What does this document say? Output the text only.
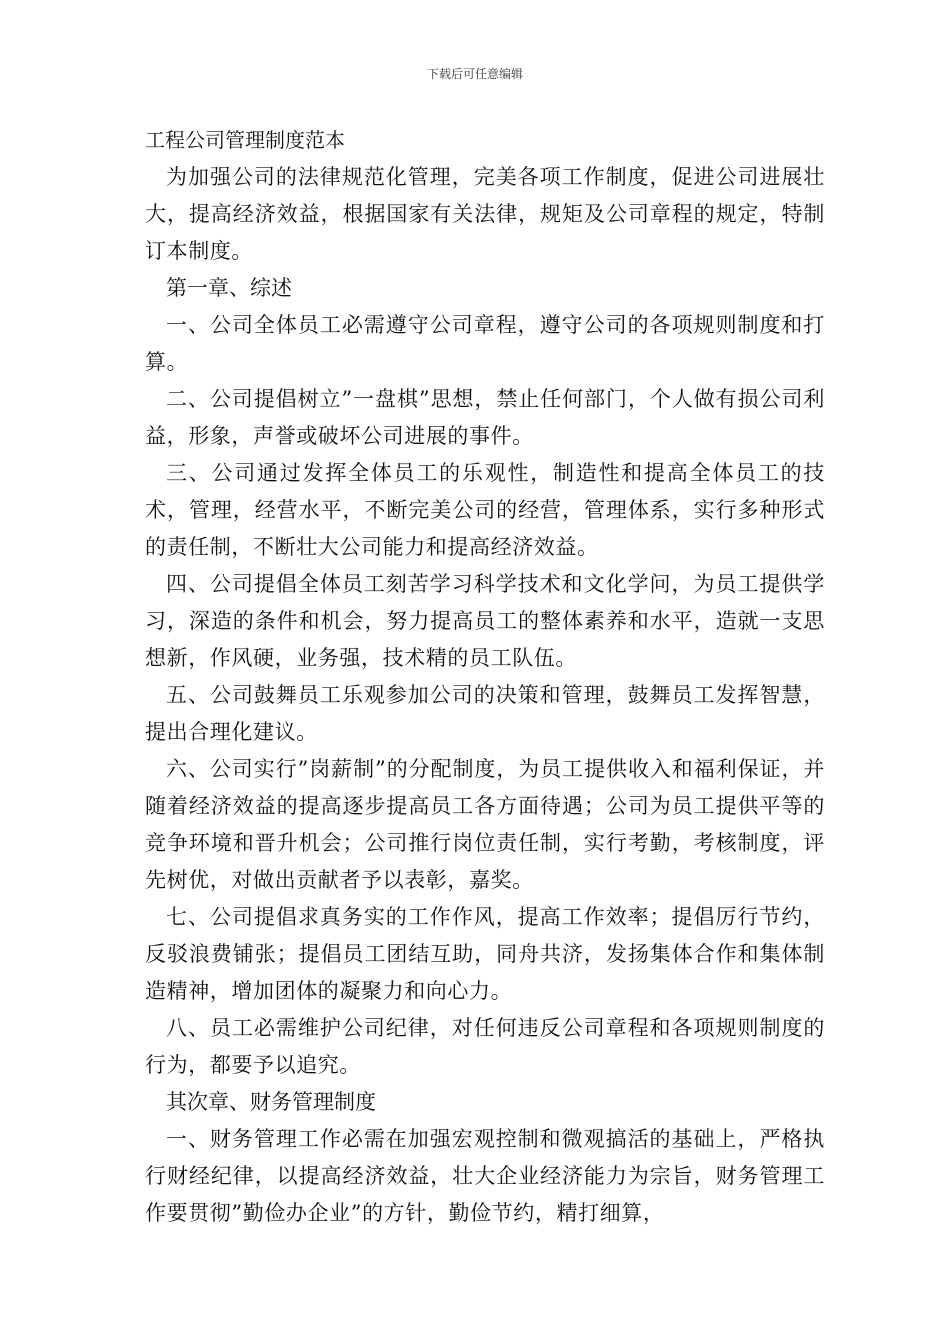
下载后可任意编辑
工程公司管理制度范本

为加强公司的法律规范化管理，完美各项工作制度，促进公司进展壮大，提高经济效益，根据国家有关法律，规矩及公司章程的规定，特制订本制度。

第一章、综述

一、公司全体员工必需遵守公司章程，遵守公司的各项规则制度和打算。

二、公司提倡树立”一盘棋”思想，禁止任何部门，个人做有损公司利益，形象，声誉或破坏公司进展的事件。

三、公司通过发挥全体员工的乐观性，制造性和提高全体员工的技术，管理，经营水平，不断完美公司的经营，管理体系，实行多种形式的责任制，不断壮大公司能力和提高经济效益。

四、公司提倡全体员工刻苦学习科学技术和文化学问，为员工提供学习，深造的条件和机会，努力提高员工的整体素养和水平，造就一支思想新，作风硬，业务强，技术精的员工队伍。

五、公司鼓舞员工乐观参加公司的决策和管理，鼓舞员工发挥智慧，提出合理化建议。

六、公司实行”岗薪制”的分配制度，为员工提供收入和福利保证，并随着经济效益的提高逐步提高员工各方面待遇；公司为员工提供平等的竞争环境和晋升机会；公司推行岗位责任制，实行考勤，考核制度，评先树优，对做出贡献者予以表彰，嘉奖。

七、公司提倡求真务实的工作作风，提高工作效率；提倡厉行节约，反驳浪费铺张；提倡员工团结互助，同舟共济，发扬集体合作和集体制造精神，增加团体的凝聚力和向心力。

八、员工必需维护公司纪律，对任何违反公司章程和各项规则制度的行为，都要予以追究。

其次章、财务管理制度

一、财务管理工作必需在加强宏观控制和微观搞活的基础上，严格执行财经纪律，以提高经济效益，壮大企业经济能力为宗旨，财务管理工作要贯彻”勤俭办企业”的方针，勤俭节约，精打细算，
